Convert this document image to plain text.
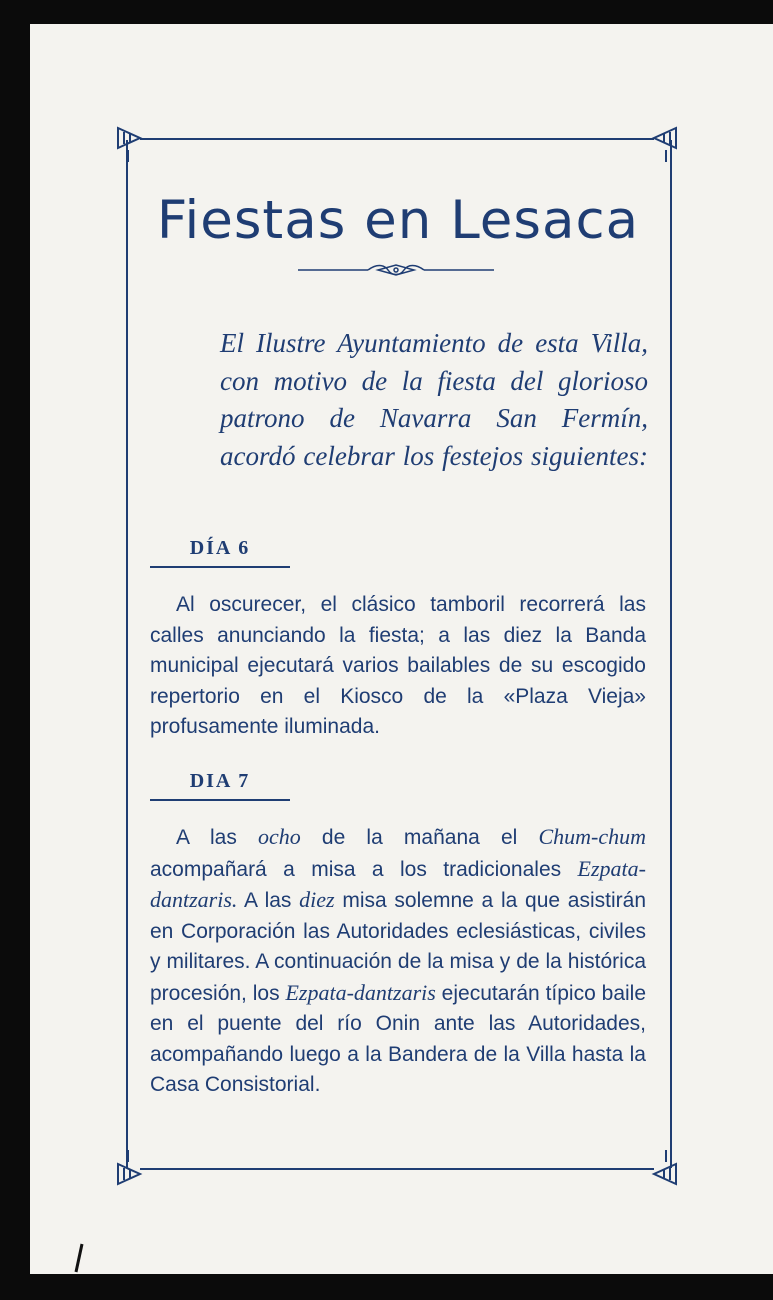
Fiestas en Lesaca

El Ilustre Ayuntamiento de esta Villa, con motivo de la fiesta del glorioso patrono de Navarra San Fermín, acordó celebrar los festejos siguientes:

DÍA 6

Al oscurecer, el clásico tamboril recorrerá las calles anunciando la fiesta; a las diez la Banda municipal ejecutará varios bailables de su escogido repertorio en el Kiosco de la «Plaza Vieja» profusamente iluminada.

DIA 7

A las ocho de la mañana el Chum-chum acompañará a misa a los tradicionales Ezpata-dantzaris. A las diez misa solemne a la que asistirán en Corporación las Autoridades eclesiásticas, civiles y militares. A continuación de la misa y de la histórica procesión, los Ezpata-dantzaris ejecutarán típico baile en el puente del río Onin ante las Autoridades, acompañando luego a la Bandera de la Villa hasta la Casa Consistorial.
